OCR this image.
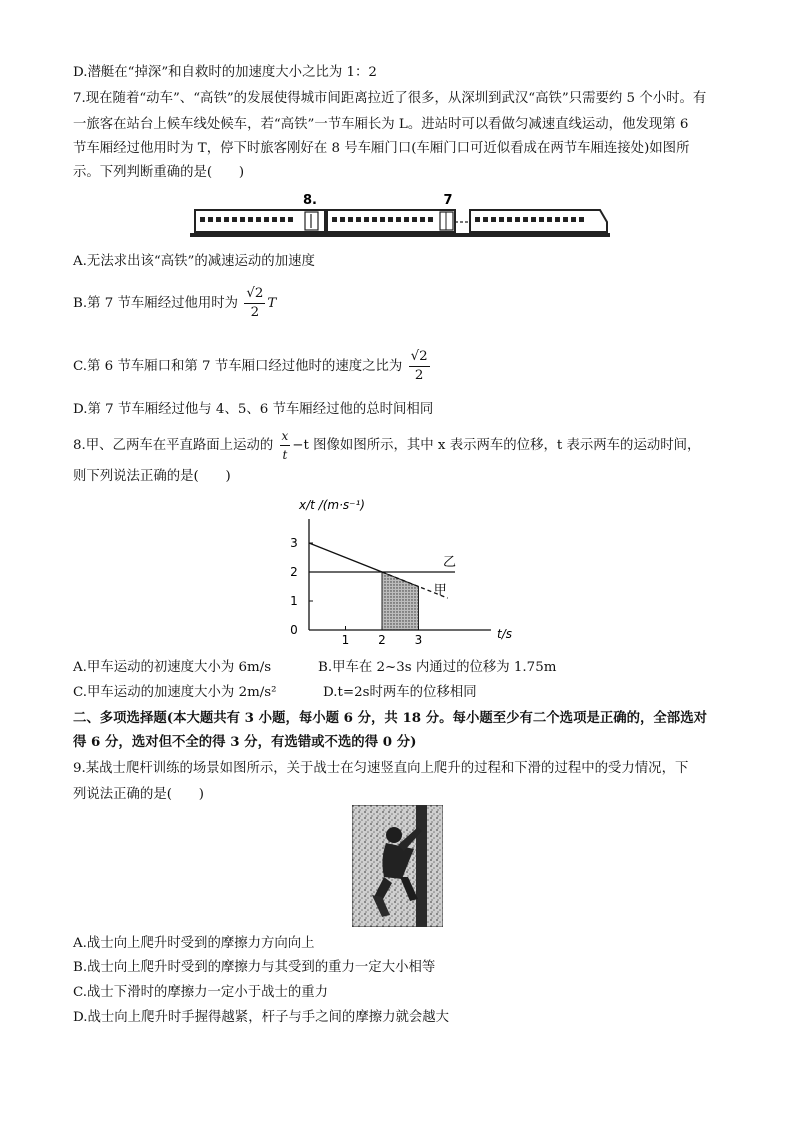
D.潜艇在“掉深”和自救时的加速度大小之比为 1：2
7.现在随着“动车”、“高铁”的发展使得城市间距离拉近了很多，从深圳到武汉“高铁”只需要约 5 个小时。有
一旅客在站台上候车线处候车，若“高铁”一节车厢长为 L。进站时可以看做匀减速直线运动，他发现第 6
节车厢经过他用时为 T，停下时旅客刚好在 8 号车厢门口(车厢门口可近似看成在两节车厢连接处)如图所
示。下列判断重确的是(　　)
8.	7
A.无法求出该“高铁”的减速运动的加速度
B.第 7 节车厢经过他用时为 $\frac{√2}{2}$ T
C.第 6 节车厢口和第 7 节车厢口经过他时的速度之比为 $\frac{√2}{2}$
D.第 7 节车厢经过他与 4、5、6 节车厢经过他的总时间相同
8.甲、乙两车在平直路面上运动的 $\frac{x}{t} -t$ 图像如图所示，其中 x 表示两车的位移，t 表示两车的运动时间，
则下列说法正确的是(　　)
0
1
2
3
1 2 3	t/s
x/t /(m·s⁻¹)
乙
甲
A.甲车运动的初速度大小为 6m/s	B.甲车在 2~3s 内通过的位移为 1.75m
C.甲车运动的加速度大小为 2m/s²	D.t=2s时两车的位移相同
二、多项选择题(本大题共有 3 小题，每小题 6 分，共 18 分。每小题至少有二个选项是正确的，全部选对
得 6 分，选对但不全的得 3 分，有选错或不选的得 0 分)
9.某战士爬杆训练的场景如图所示，关于战士在匀速竖直向上爬升的过程和下滑的过程中的受力情况，下
列说法正确的是(　　)
A.战士向上爬升时受到的摩擦力方向向上
B.战士向上爬升时受到的摩擦力与其受到的重力一定大小相等
C.战士下滑时的摩擦力一定小于战士的重力
D.战士向上爬升时手握得越紧，杆子与手之间的摩擦力就会越大
